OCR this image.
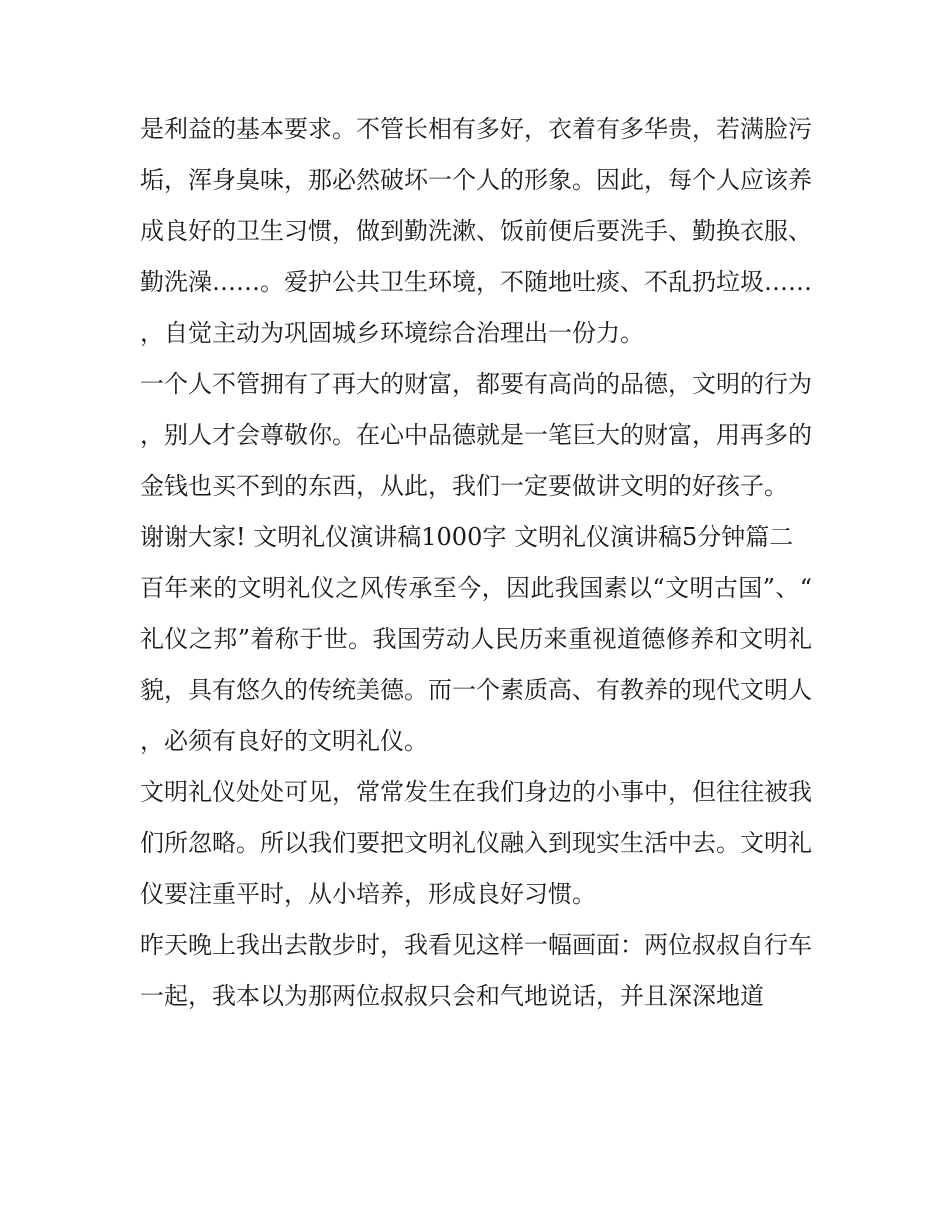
是利益的基本要求。不管长相有多好，衣着有多华贵，若满脸污垢，浑身臭味，那必然破坏一个人的形象。因此，每个人应该养成良好的卫生习惯，做到勤洗漱、饭前便后要洗手、勤换衣服、勤洗澡……。爱护公共卫生环境，不随地吐痰、不乱扔垃圾……，自觉主动为巩固城乡环境综合治理出一份力。

一个人不管拥有了再大的财富，都要有高尚的品德，文明的行为，别人才会尊敬你。在心中品德就是一笔巨大的财富，用再多的金钱也买不到的东西，从此，我们一定要做讲文明的好孩子。

谢谢大家! 文明礼仪演讲稿1000字 文明礼仪演讲稿5分钟篇二

百年来的文明礼仪之风传承至今，因此我国素以“文明古国”、“礼仪之邦”着称于世。我国劳动人民历来重视道德修养和文明礼貌，具有悠久的传统美德。而一个素质高、有教养的现代文明人，必须有良好的文明礼仪。

文明礼仪处处可见，常常发生在我们身边的小事中，但往往被我们所忽略。所以我们要把文明礼仪融入到现实生活中去。文明礼仪要注重平时，从小培养，形成良好习惯。

昨天晚上我出去散步时，我看见这样一幅画面：两位叔叔自行车一起，我本以为那两位叔叔只会和气地说话，并且深深地道
